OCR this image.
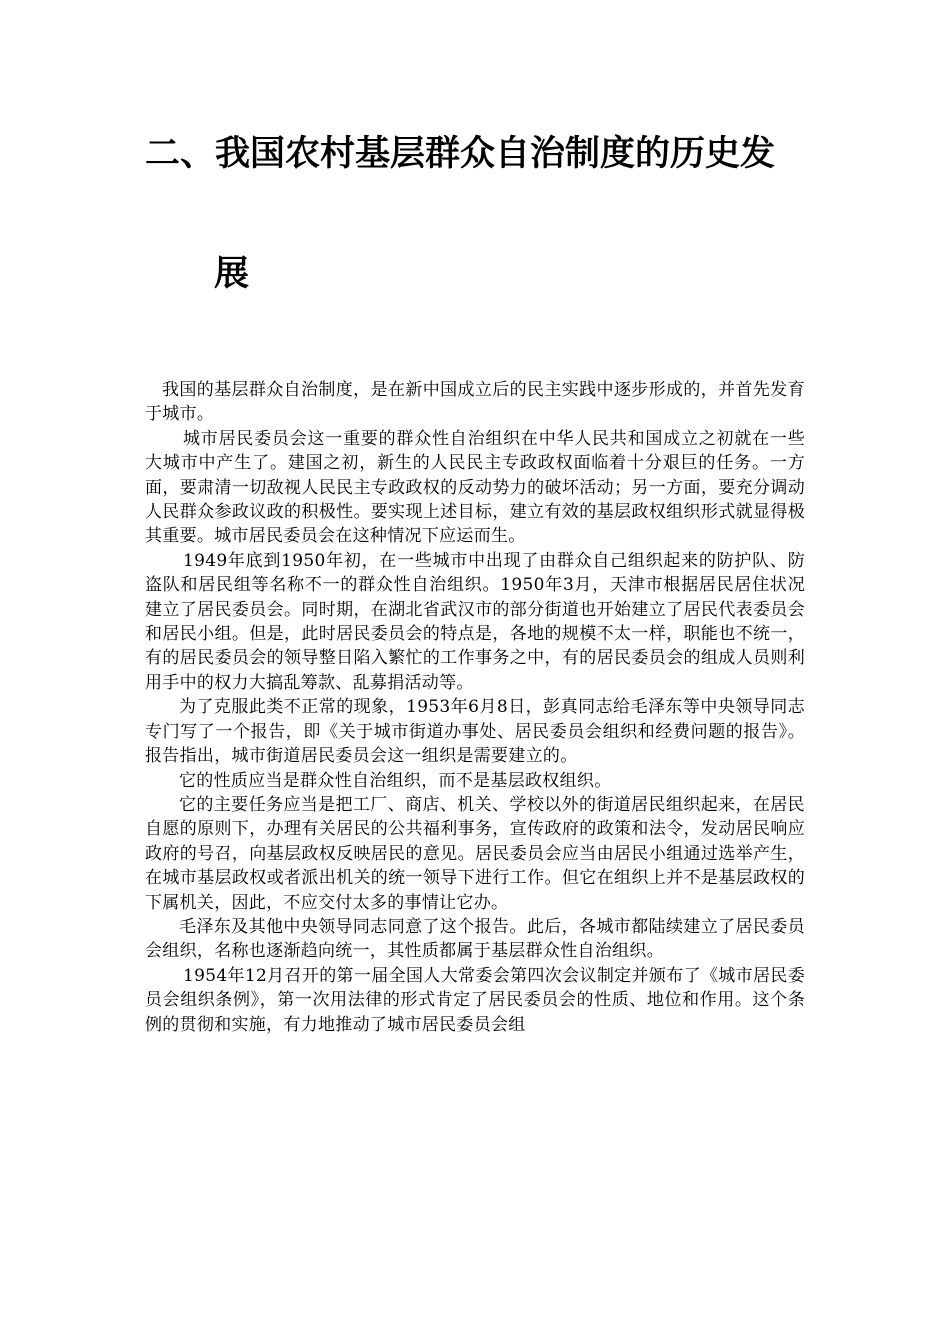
二、我国农村基层群众自治制度的历史发
展

我国的基层群众自治制度，是在新中国成立后的民主实践中逐步形成的，并首先发育于城市。

城市居民委员会这一重要的群众性自治组织在中华人民共和国成立之初就在一些大城市中产生了。建国之初，新生的人民民主专政政权面临着十分艰巨的任务。一方面，要肃清一切敌视人民民主专政政权的反动势力的破坏活动；另一方面，要充分调动人民群众参政议政的积极性。要实现上述目标，建立有效的基层政权组织形式就显得极其重要。城市居民委员会在这种情况下应运而生。

1949年底到1950年初，在一些城市中出现了由群众自己组织起来的防护队、防盗队和居民组等名称不一的群众性自治组织。1950年3月，天津市根据居民居住状况建立了居民委员会。同时期，在湖北省武汉市的部分街道也开始建立了居民代表委员会和居民小组。但是，此时居民委员会的特点是，各地的规模不太一样，职能也不统一，有的居民委员会的领导整日陷入繁忙的工作事务之中，有的居民委员会的组成人员则利用手中的权力大搞乱筹款、乱募捐活动等。

为了克服此类不正常的现象，1953年6月8日，彭真同志给毛泽东等中央领导同志专门写了一个报告，即《关于城市街道办事处、居民委员会组织和经费问题的报告》。报告指出，城市街道居民委员会这一组织是需要建立的。

它的性质应当是群众性自治组织，而不是基层政权组织。

它的主要任务应当是把工厂、商店、机关、学校以外的街道居民组织起来，在居民自愿的原则下，办理有关居民的公共福利事务，宣传政府的政策和法令，发动居民响应政府的号召，向基层政权反映居民的意见。居民委员会应当由居民小组通过选举产生，在城市基层政权或者派出机关的统一领导下进行工作。但它在组织上并不是基层政权的下属机关，因此，不应交付太多的事情让它办。

毛泽东及其他中央领导同志同意了这个报告。此后，各城市都陆续建立了居民委员会组织，名称也逐渐趋向统一，其性质都属于基层群众性自治组织。

1954年12月召开的第一届全国人大常委会第四次会议制定并颁布了《城市居民委员会组织条例》，第一次用法律的形式肯定了居民委员会的性质、地位和作用。这个条例的贯彻和实施，有力地推动了城市居民委员会组
